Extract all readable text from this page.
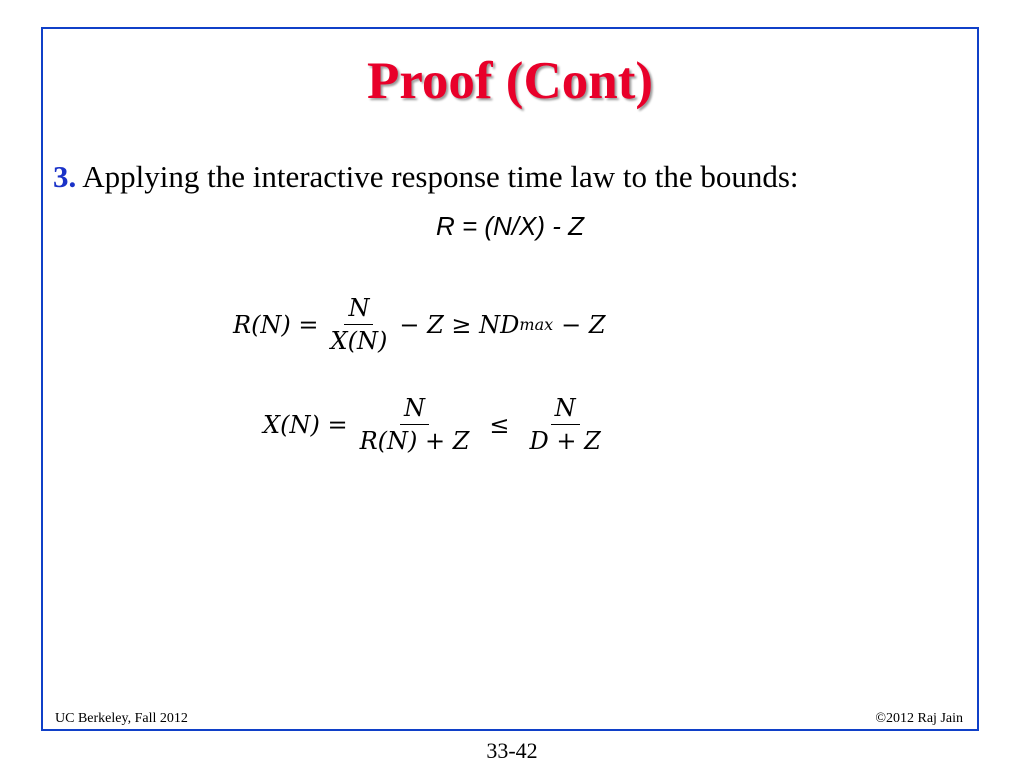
Proof (Cont)
3. Applying the interactive response time law to the bounds:
R = (N/X) - Z
$R(N) = \frac{N}{X(N)} - Z$ ≥ ND max − Z
$X(N) = \frac{N}{R(N) + Z} \le \frac{N}{D + Z}$
UC Berkeley, Fall 2012	©2012 Raj Jain
33-42
